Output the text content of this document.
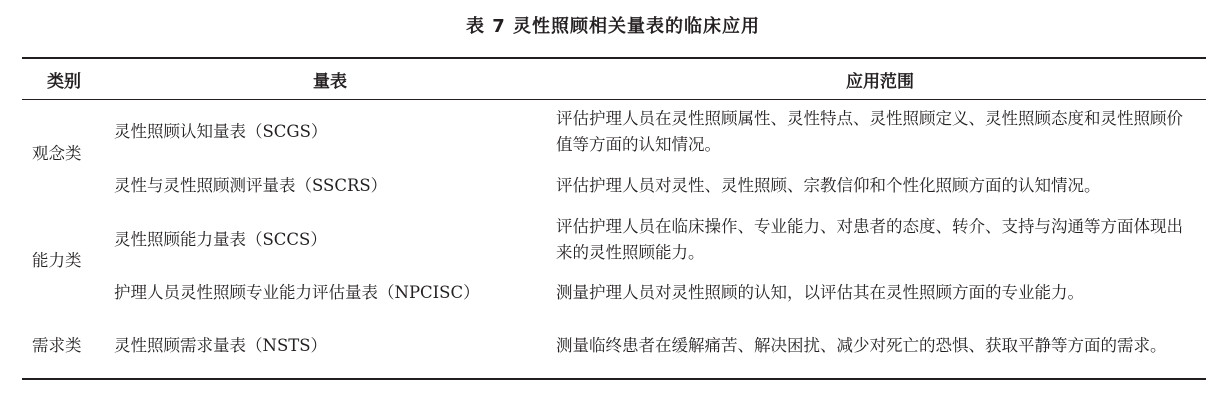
表 7 灵性照顾相关量表的临床应用
类别	量表	应用范围
观念类	灵性照顾认知量表（SCGS）	评估护理人员在灵性照顾属性、灵性特点、灵性照顾定义、灵性照顾态度和灵性照顾价值等方面的认知情况。
	灵性与灵性照顾测评量表（SSCRS）	评估护理人员对灵性、灵性照顾、宗教信仰和个性化照顾方面的认知情况。
能力类	灵性照顾能力量表（SCCS）	评估护理人员在临床操作、专业能力、对患者的态度、转介、支持与沟通等方面体现出来的灵性照顾能力。
	护理人员灵性照顾专业能力评估量表（NPCISC）	测量护理人员对灵性照顾的认知，以评估其在灵性照顾方面的专业能力。
需求类	灵性照顾需求量表（NSTS）	测量临终患者在缓解痛苦、解决困扰、减少对死亡的恐惧、获取平静等方面的需求。
